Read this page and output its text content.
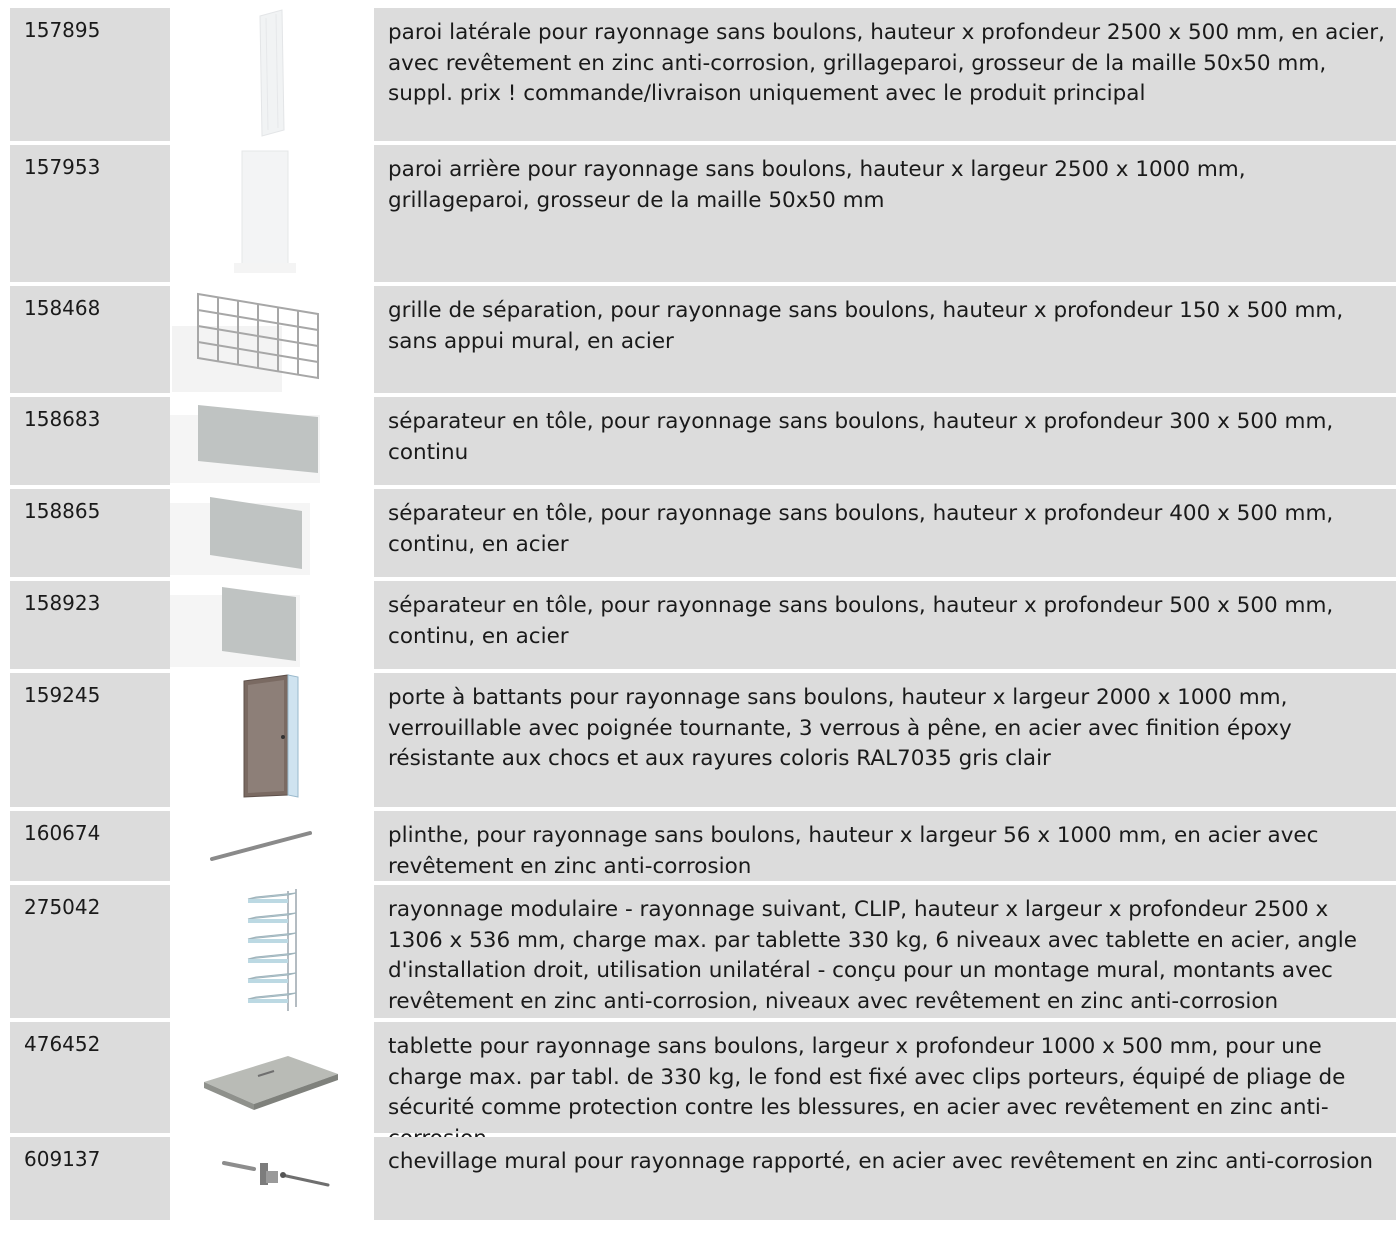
157895	paroi latérale pour rayonnage sans boulons, hauteur x profondeur 2500 x 500 mm, en acier, avec revêtement en zinc anti-corrosion, grillageparoi, grosseur de la maille 50x50 mm, suppl. prix ! commande/livraison uniquement avec le produit principal
157953	paroi arrière pour rayonnage sans boulons, hauteur x largeur 2500 x 1000 mm, grillageparoi, grosseur de la maille 50x50 mm
158468	grille de séparation, pour rayonnage sans boulons, hauteur x profondeur 150 x 500 mm, sans appui mural, en acier
158683	séparateur en tôle, pour rayonnage sans boulons, hauteur x profondeur 300 x 500 mm, continu
158865	séparateur en tôle, pour rayonnage sans boulons, hauteur x profondeur 400 x 500 mm, continu, en acier
158923	séparateur en tôle, pour rayonnage sans boulons, hauteur x profondeur 500 x 500 mm, continu, en acier
159245	porte à battants pour rayonnage sans boulons, hauteur x largeur 2000 x 1000 mm, verrouillable avec poignée tournante, 3 verrous à pêne, en acier avec finition époxy résistante aux chocs et aux rayures coloris RAL7035 gris clair
160674	plinthe, pour rayonnage sans boulons, hauteur x largeur 56 x 1000 mm, en acier avec revêtement en zinc anti-corrosion
275042	rayonnage modulaire - rayonnage suivant, CLIP, hauteur x largeur x profondeur 2500 x 1306 x 536 mm, charge max. par tablette 330 kg, 6 niveaux avec tablette en acier, angle d'installation droit, utilisation unilatéral - conçu pour un montage mural, montants avec revêtement en zinc anti-corrosion, niveaux avec revêtement en zinc anti-corrosion
476452	tablette pour rayonnage sans boulons, largeur x profondeur 1000 x 500 mm, pour une charge max. par tabl. de 330 kg, le fond est fixé avec clips porteurs, équipé de pliage de sécurité comme protection contre les blessures, en acier avec revêtement en zinc anti-
609137	chevillage mural pour rayonnage rapporté, en acier avec revêtement en zinc anti-corrosion
